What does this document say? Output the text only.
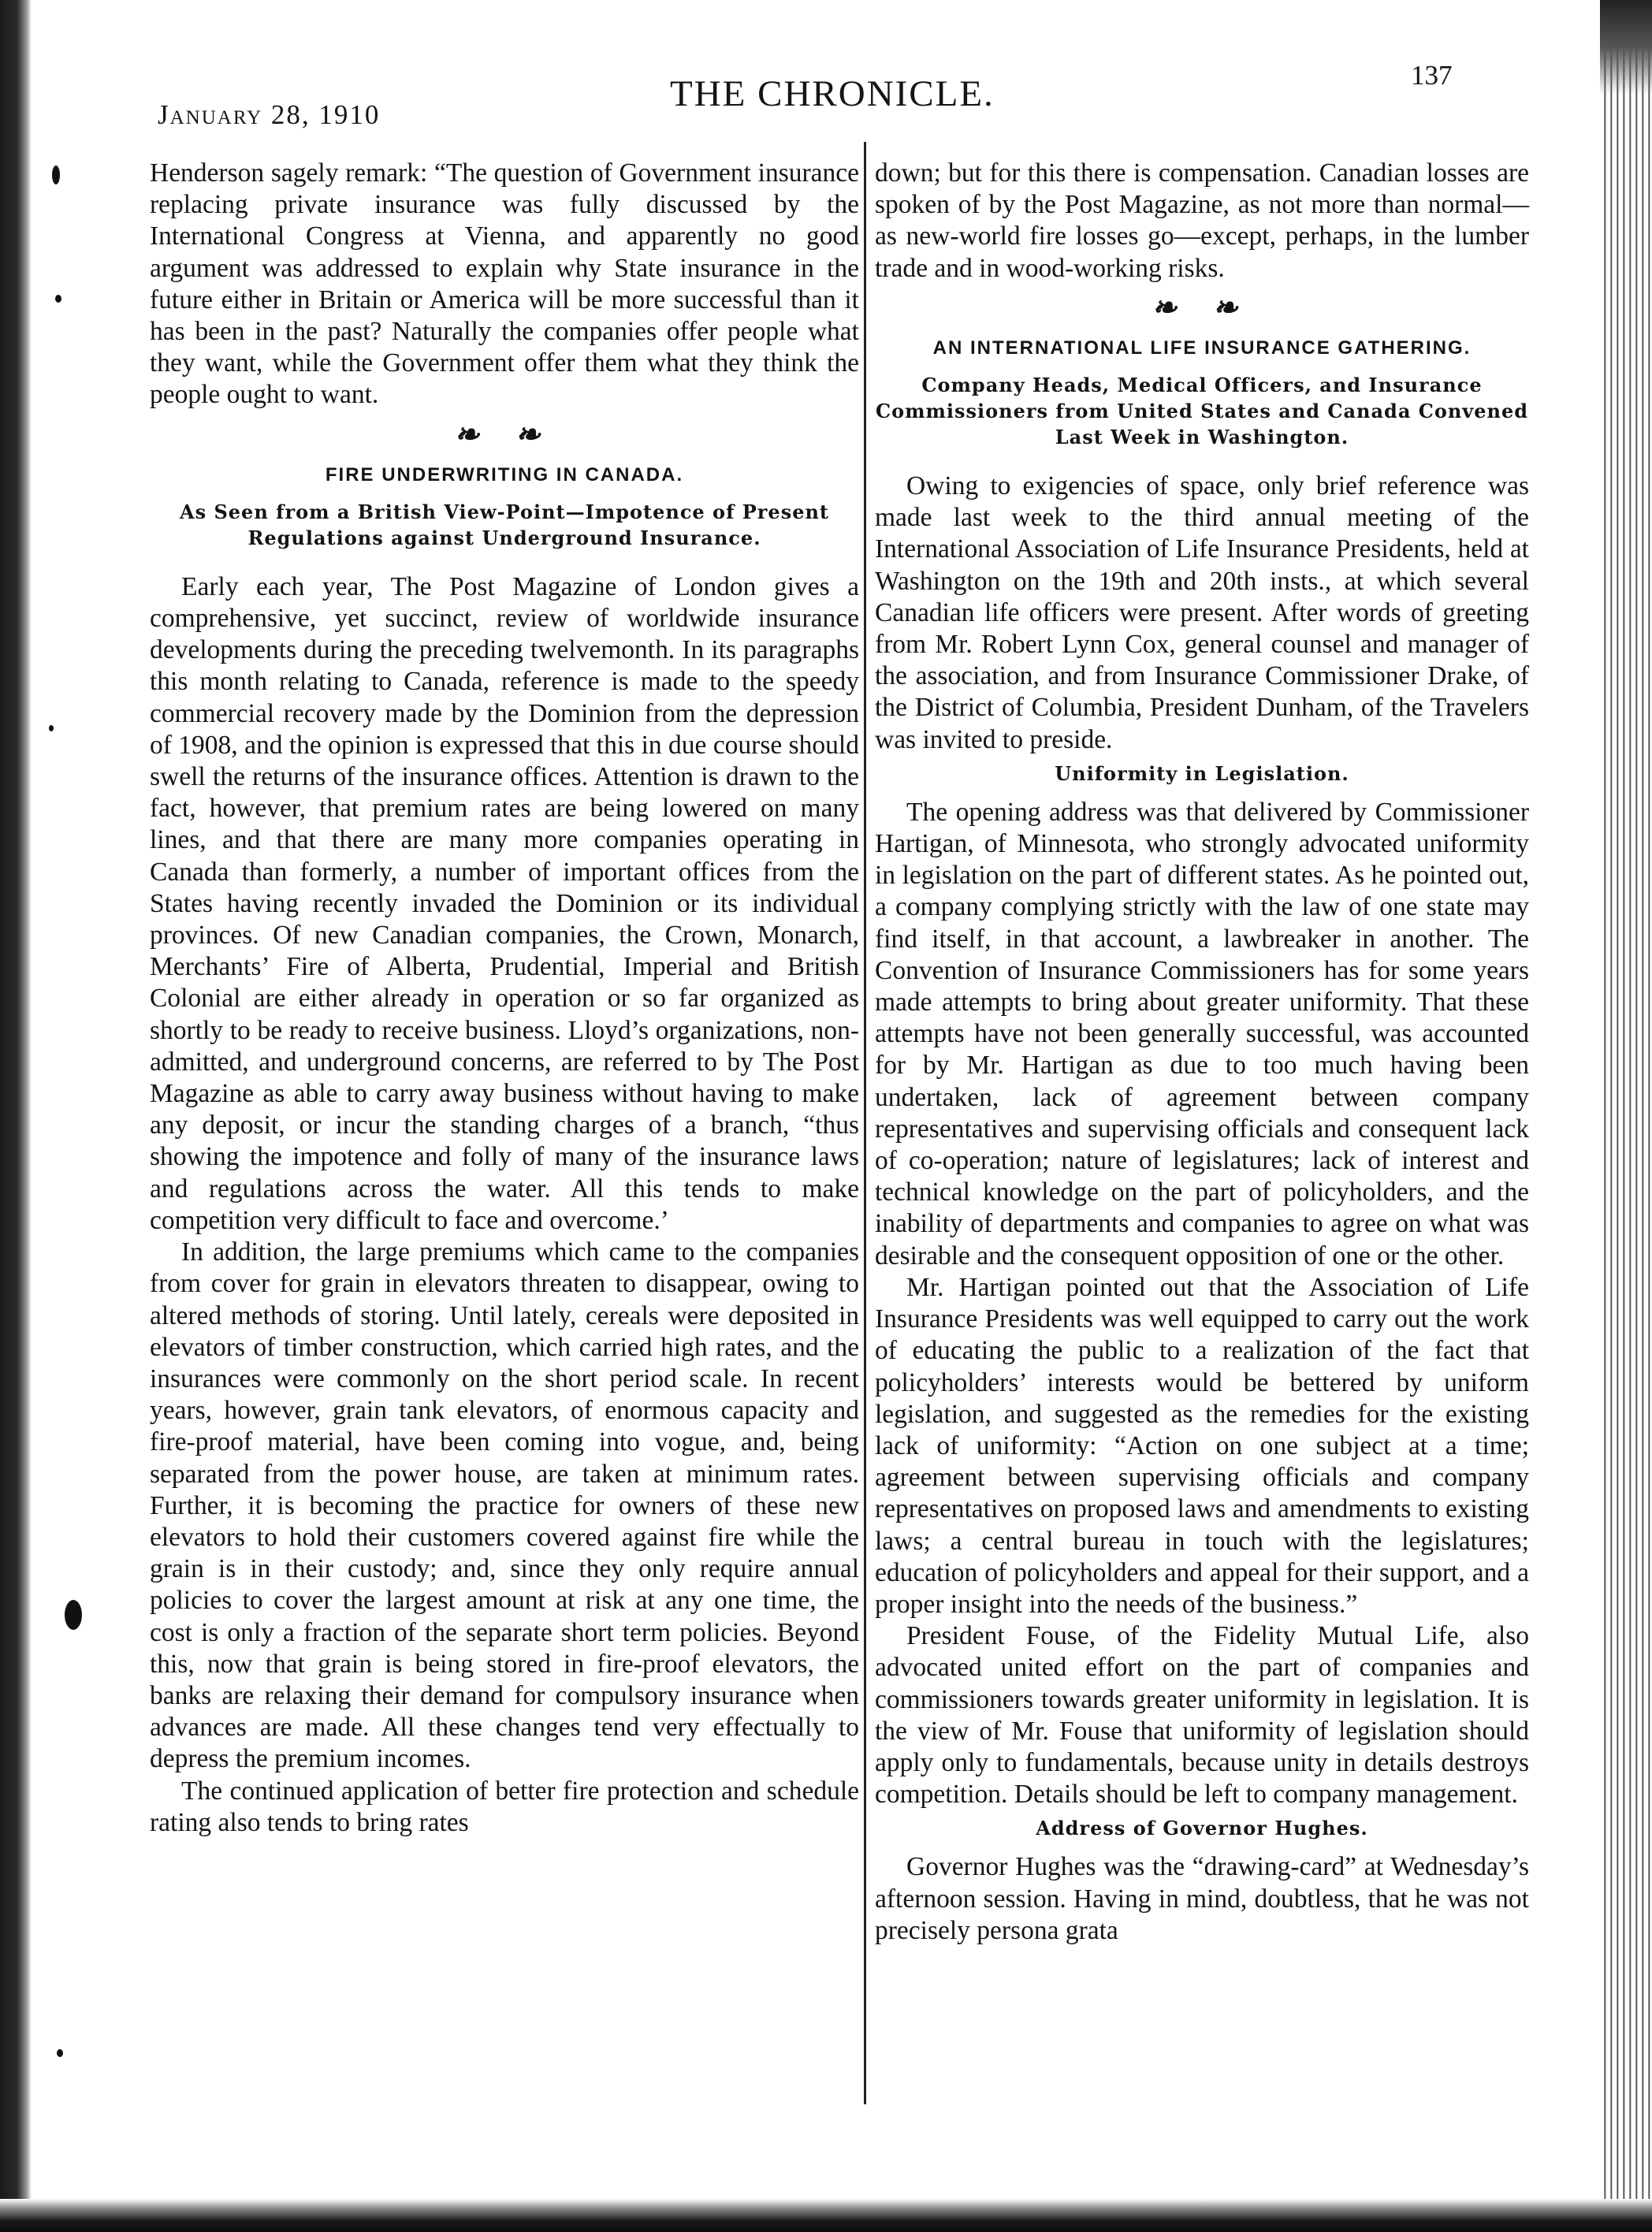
January 28, 1910
THE CHRONICLE.	137

Henderson sagely remark: “The question of Government insurance replacing private insurance was fully discussed by the International Congress at Vienna, and apparently no good argument was addressed to explain why State insurance in the future either in Britain or America will be more successful than it has been in the past? Naturally the companies offer people what they want, while the Government offer them what they think the people ought to want.

❧ ❧
FIRE UNDERWRITING IN CANADA.
As Seen from a British View-Point—Impotence of Present Regulations against Underground Insurance.

Early each year, The Post Magazine of London gives a comprehensive, yet succinct, review of worldwide insurance developments during the preceding twelvemonth. In its paragraphs this month relating to Canada, reference is made to the speedy commercial recovery made by the Dominion from the depression of 1908, and the opinion is expressed that this in due course should swell the returns of the insurance offices. Attention is drawn to the fact, however, that premium rates are being lowered on many lines, and that there are many more companies operating in Canada than formerly, a number of important offices from the States having recently invaded the Dominion or its individual provinces. Of new Canadian companies, the Crown, Monarch, Merchants’ Fire of Alberta, Prudential, Imperial and British Colonial are either already in operation or so far organized as shortly to be ready to receive business. Lloyd’s organizations, non-admitted, and underground concerns, are referred to by The Post Magazine as able to carry away business without having to make any deposit, or incur the standing charges of a branch, “thus showing the impotence and folly of many of the insurance laws and regulations across the water. All this tends to make competition very difficult to face and overcome.’

In addition, the large premiums which came to the companies from cover for grain in elevators threaten to disappear, owing to altered methods of storing. Until lately, cereals were deposited in elevators of timber construction, which carried high rates, and the insurances were commonly on the short period scale. In recent years, however, grain tank elevators, of enormous capacity and fire-proof material, have been coming into vogue, and, being separated from the power house, are taken at minimum rates. Further, it is becoming the practice for owners of these new elevators to hold their customers covered against fire while the grain is in their custody; and, since they only require annual policies to cover the largest amount at risk at any one time, the cost is only a fraction of the separate short term policies. Beyond this, now that grain is being stored in fire-proof elevators, the banks are relaxing their demand for compulsory insurance when advances are made. All these changes tend very effectually to depress the premium incomes.

The continued application of better fire protection and schedule rating also tends to bring rates

down; but for this there is compensation. Canadian losses are spoken of by the Post Magazine, as not more than normal—as new-world fire losses go—except, perhaps, in the lumber trade and in wood-working risks.

❧ ❧
AN INTERNATIONAL LIFE INSURANCE GATHERING.
Company Heads, Medical Officers, and Insurance Commissioners from United States and Canada Convened Last Week in Washington.

Owing to exigencies of space, only brief reference was made last week to the third annual meeting of the International Association of Life Insurance Presidents, held at Washington on the 19th and 20th insts., at which several Canadian life officers were present. After words of greeting from Mr. Robert Lynn Cox, general counsel and manager of the association, and from Insurance Commissioner Drake, of the District of Columbia, President Dunham, of the Travelers was invited to preside.

Uniformity in Legislation.

The opening address was that delivered by Commissioner Hartigan, of Minnesota, who strongly advocated uniformity in legislation on the part of different states. As he pointed out, a company complying strictly with the law of one state may find itself, in that account, a lawbreaker in another. The Convention of Insurance Commissioners has for some years made attempts to bring about greater uniformity. That these attempts have not been generally successful, was accounted for by Mr. Hartigan as due to too much having been undertaken, lack of agreement between company representatives and supervising officials and consequent lack of co-operation; nature of legislatures; lack of interest and technical knowledge on the part of policyholders, and the inability of departments and companies to agree on what was desirable and the consequent opposition of one or the other.

Mr. Hartigan pointed out that the Association of Life Insurance Presidents was well equipped to carry out the work of educating the public to a realization of the fact that policyholders’ interests would be bettered by uniform legislation, and suggested as the remedies for the existing lack of uniformity: “Action on one subject at a time; agreement between supervising officials and company representatives on proposed laws and amendments to existing laws; a central bureau in touch with the legislatures; education of policyholders and appeal for their support, and a proper insight into the needs of the business.”

President Fouse, of the Fidelity Mutual Life, also advocated united effort on the part of companies and commissioners towards greater uniformity in legislation. It is the view of Mr. Fouse that uniformity of legislation should apply only to fundamentals, because unity in details destroys competition. Details should be left to company management.

Address of Governor Hughes.

Governor Hughes was the “drawing-card” at Wednesday’s afternoon session. Having in mind, doubtless, that he was not precisely persona grata
